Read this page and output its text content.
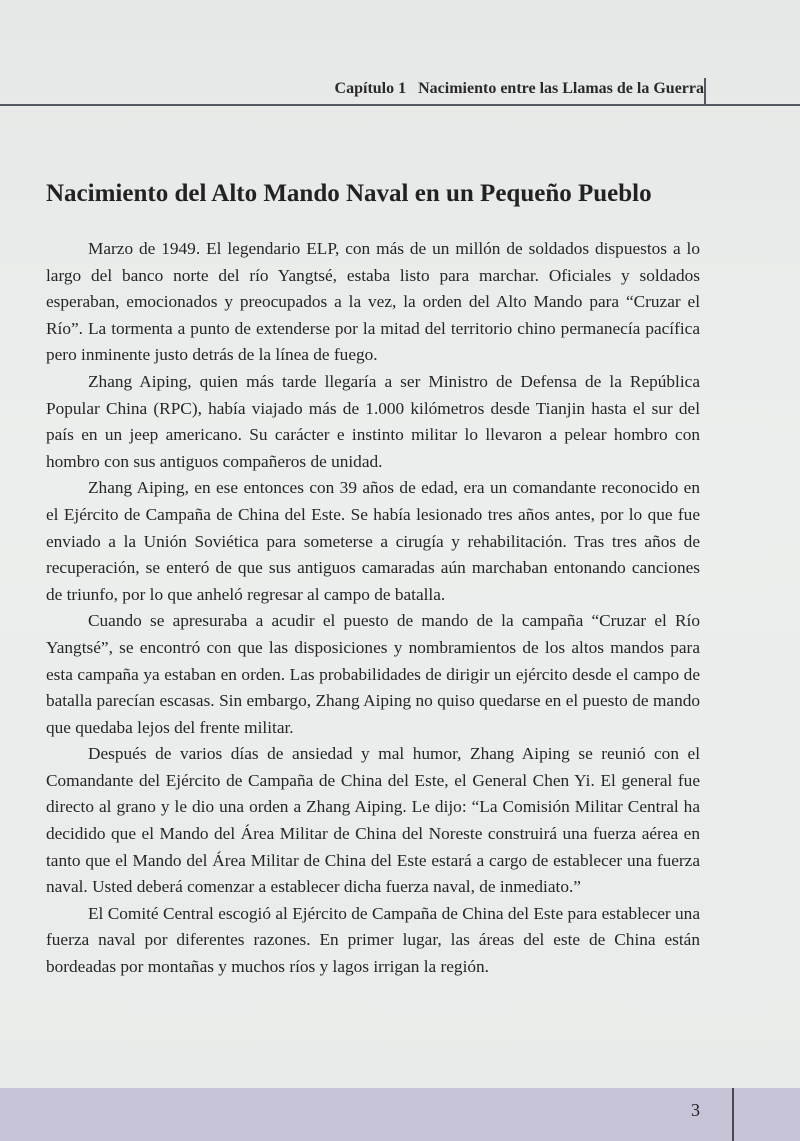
Capítulo 1   Nacimiento entre las Llamas de la Guerra
Nacimiento del Alto Mando Naval en un Pequeño Pueblo

Marzo de 1949. El legendario ELP, con más de un millón de soldados dispuestos a lo largo del banco norte del río Yangtsé, estaba listo para marchar. Oficiales y soldados esperaban, emocionados y preocupados a la vez, la orden del Alto Mando para “Cruzar el Río”. La tormenta a punto de extenderse por la mitad del territorio chino permanecía pacífica pero inminente justo detrás de la línea de fuego.

Zhang Aiping, quien más tarde llegaría a ser Ministro de Defensa de la República Popular China (RPC), había viajado más de 1.000 kilómetros desde Tianjin hasta el sur del país en un jeep americano. Su carácter e instinto militar lo llevaron a pelear hombro con hombro con sus antiguos compañeros de unidad.

Zhang Aiping, en ese entonces con 39 años de edad, era un comandante reconocido en el Ejército de Campaña de China del Este. Se había lesionado tres años antes, por lo que fue enviado a la Unión Soviética para someterse a cirugía y rehabilitación. Tras tres años de recuperación, se enteró de que sus antiguos camaradas aún marchaban entonando canciones de triunfo, por lo que anheló regresar al campo de batalla.

Cuando se apresuraba a acudir el puesto de mando de la campaña “Cruzar el Río Yangtsé”, se encontró con que las disposiciones y nombramientos de los altos mandos para esta campaña ya estaban en orden. Las probabilidades de dirigir un ejército desde el campo de batalla parecían escasas. Sin embargo, Zhang Aiping no quiso quedarse en el puesto de mando que quedaba lejos del frente militar.

Después de varios días de ansiedad y mal humor, Zhang Aiping se reunió con el Comandante del Ejército de Campaña de China del Este, el General Chen Yi. El general fue directo al grano y le dio una orden a Zhang Aiping. Le dijo: “La Comisión Militar Central ha decidido que el Mando del Área Militar de China del Noreste construirá una fuerza aérea en tanto que el Mando del Área Militar de China del Este estará a cargo de establecer una fuerza naval. Usted deberá comenzar a establecer dicha fuerza naval, de inmediato.”

El Comité Central escogió al Ejército de Campaña de China del Este para establecer una fuerza naval por diferentes razones. En primer lugar, las áreas del este de China están bordeadas por montañas y muchos ríos y lagos irrigan la región.

3
